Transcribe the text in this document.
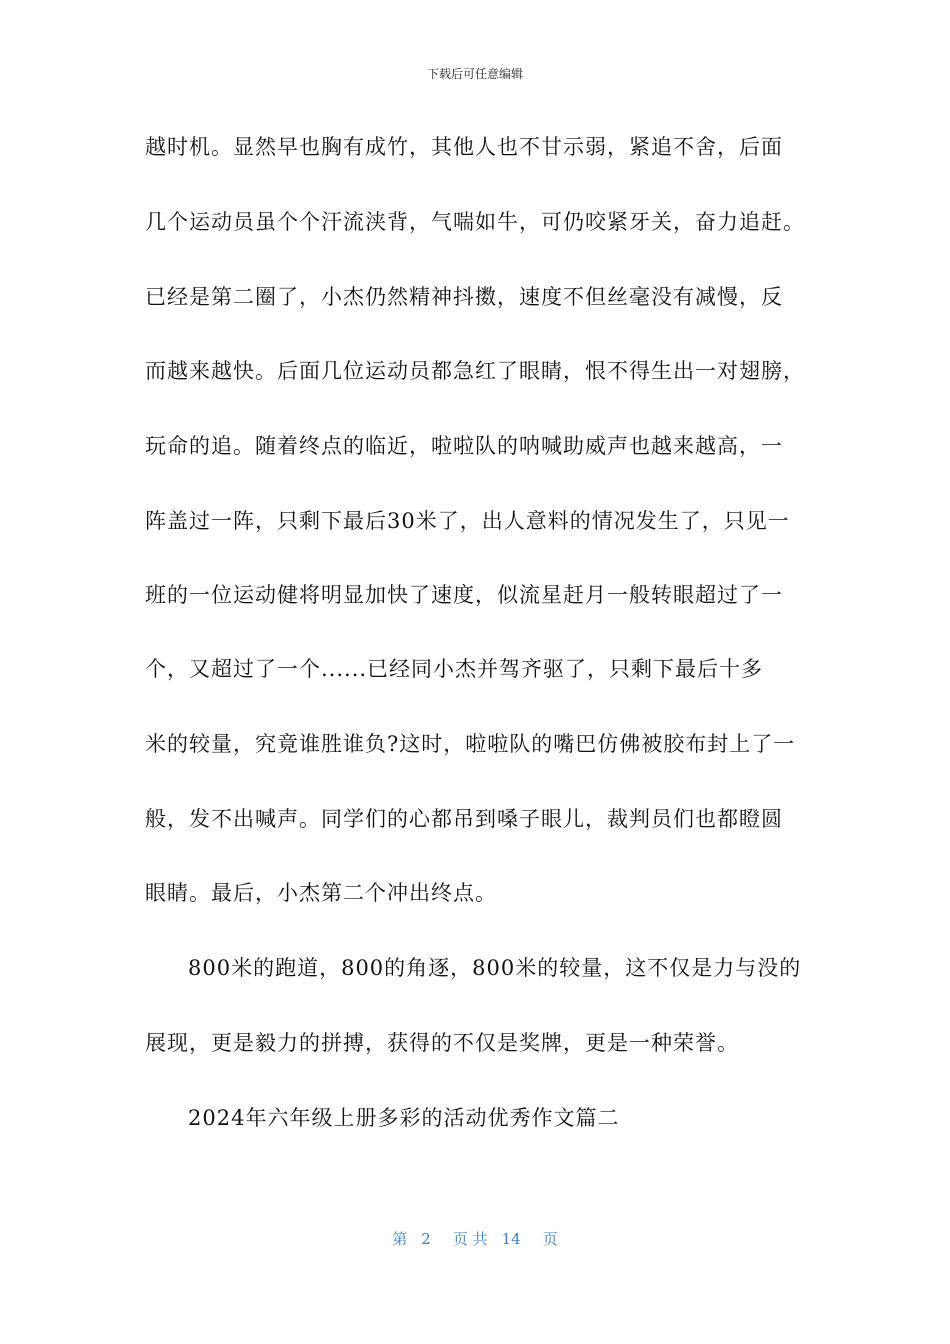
下载后可任意编辑
越时机。显然早也胸有成竹，其他人也不甘示弱，紧追不舍，后面
几个运动员虽个个汗流浃背，气喘如牛，可仍咬紧牙关，奋力追赶。
已经是第二圈了，小杰仍然精神抖擞，速度不但丝毫没有减慢，反
而越来越快。后面几位运动员都急红了眼睛，恨不得生出一对翅膀，
玩命的追。随着终点的临近，啦啦队的呐喊助威声也越来越高，一
阵盖过一阵，只剩下最后30米了，出人意料的情况发生了，只见一
班的一位运动健将明显加快了速度，似流星赶月一般转眼超过了一
个，又超过了一个......已经同小杰并驾齐驱了，只剩下最后十多
米的较量，究竟谁胜谁负?这时，啦啦队的嘴巴仿佛被胶布封上了一
般，发不出喊声。同学们的心都吊到嗓子眼儿，裁判员们也都瞪圆
眼睛。最后，小杰第二个冲出终点。
800米的跑道，800的角逐，800米的较量，这不仅是力与没的
展现，更是毅力的拼搏，获得的不仅是奖牌，更是一种荣誉。
2024年六年级上册多彩的活动优秀作文篇二
第 2 页 共 14 页
